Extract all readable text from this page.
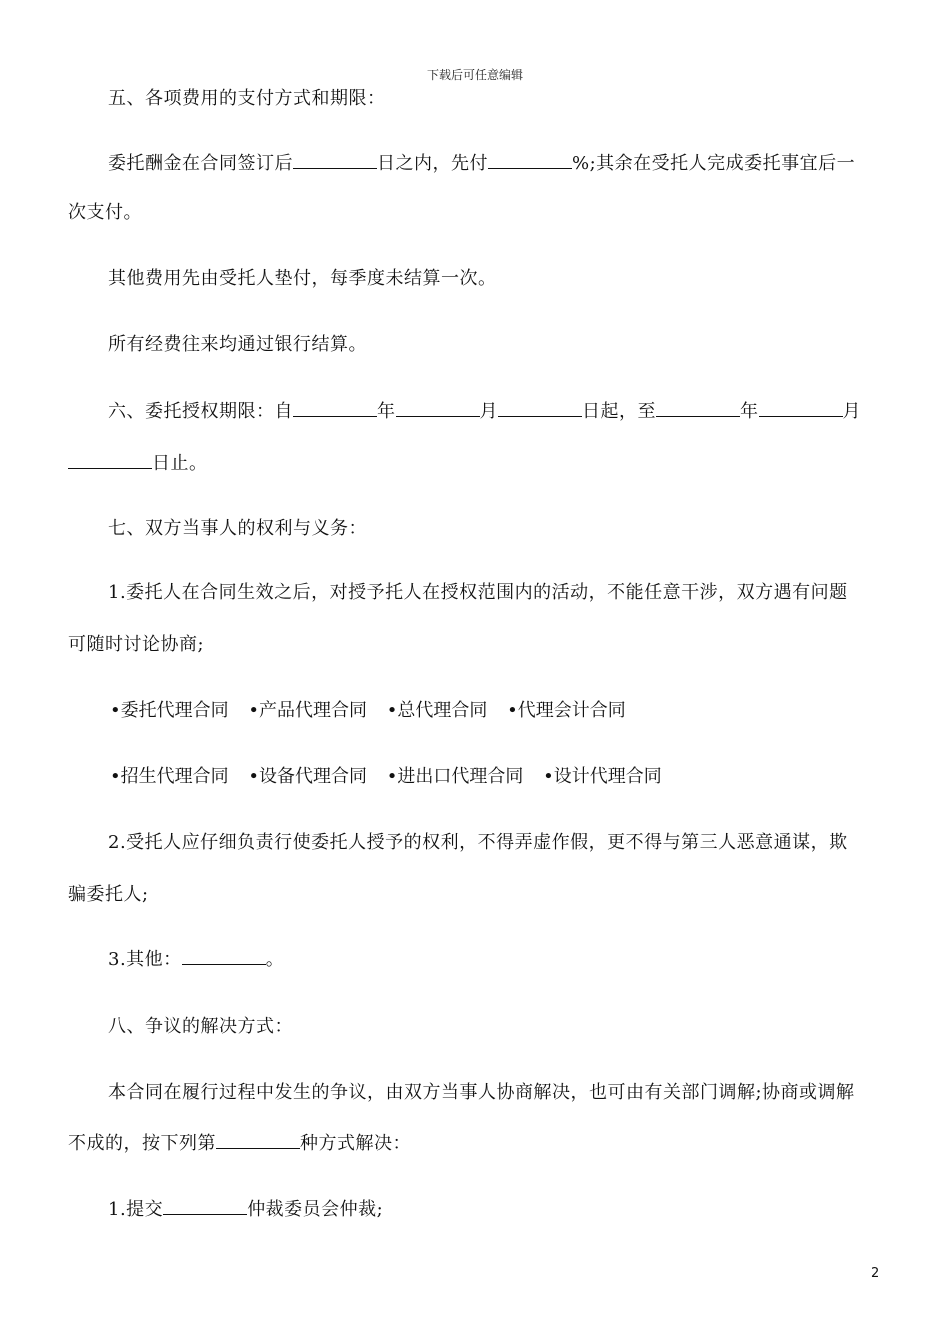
下载后可任意编辑
五、各项费用的支付方式和期限：
委托酬金在合同签订后	日之内，先付	%;其余在受托人完成委托事宜后一
次支付。
其他费用先由受托人垫付，每季度未结算一次。
所有经费往来均通过银行结算。
六、委托授权期限：自	年	月	日起，至	年	月
日止。
七、双方当事人的权利与义务：
1.委托人在合同生效之后，对授予托人在授权范围内的活动，不能任意干涉，双方遇有问题
可随时讨论协商;
•委托代理合同 •产品代理合同 •总代理合同 •代理会计合同
•招生代理合同 •设备代理合同 •进出口代理合同 •设计代理合同
2.受托人应仔细负责行使委托人授予的权利，不得弄虚作假，更不得与第三人恶意通谋，欺
骗委托人;
3.其他：	。
八、争议的解决方式：
本合同在履行过程中发生的争议，由双方当事人协商解决，也可由有关部门调解;协商或调解
不成的，按下列第	种方式解决：
1.提交	仲裁委员会仲裁;
2
